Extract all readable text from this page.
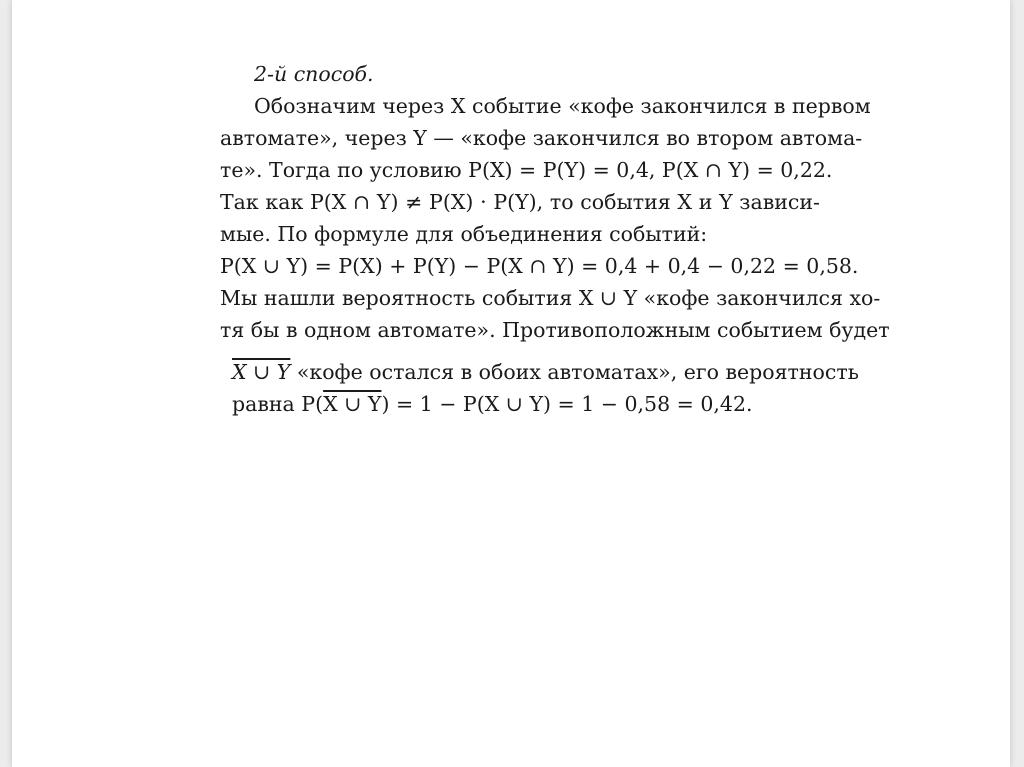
2-й способ.
Обозначим через X событие «кофе закончился в первом
автомате», через Y — «кофе закончился во втором автома-
те». Тогда по условию P(X) = P(Y) = 0,4, P(X ∩ Y) = 0,22.
Так как P(X ∩ Y) ≠ P(X) · P(Y), то события X и Y зависи-
мые. По формуле для объединения событий:
P(X ∪ Y) = P(X) + P(Y) − P(X ∩ Y) = 0,4 + 0,4 − 0,22 = 0,58.
Мы нашли вероятность события X ∪ Y «кофе закончился хо-
тя бы в одном автомате». Противоположным событием будет
X ∪ Y «кофе остался в обоих автоматах», его вероятность
равна P(X ∪ Y) = 1 − P(X ∪ Y) = 1 − 0,58 = 0,42.
